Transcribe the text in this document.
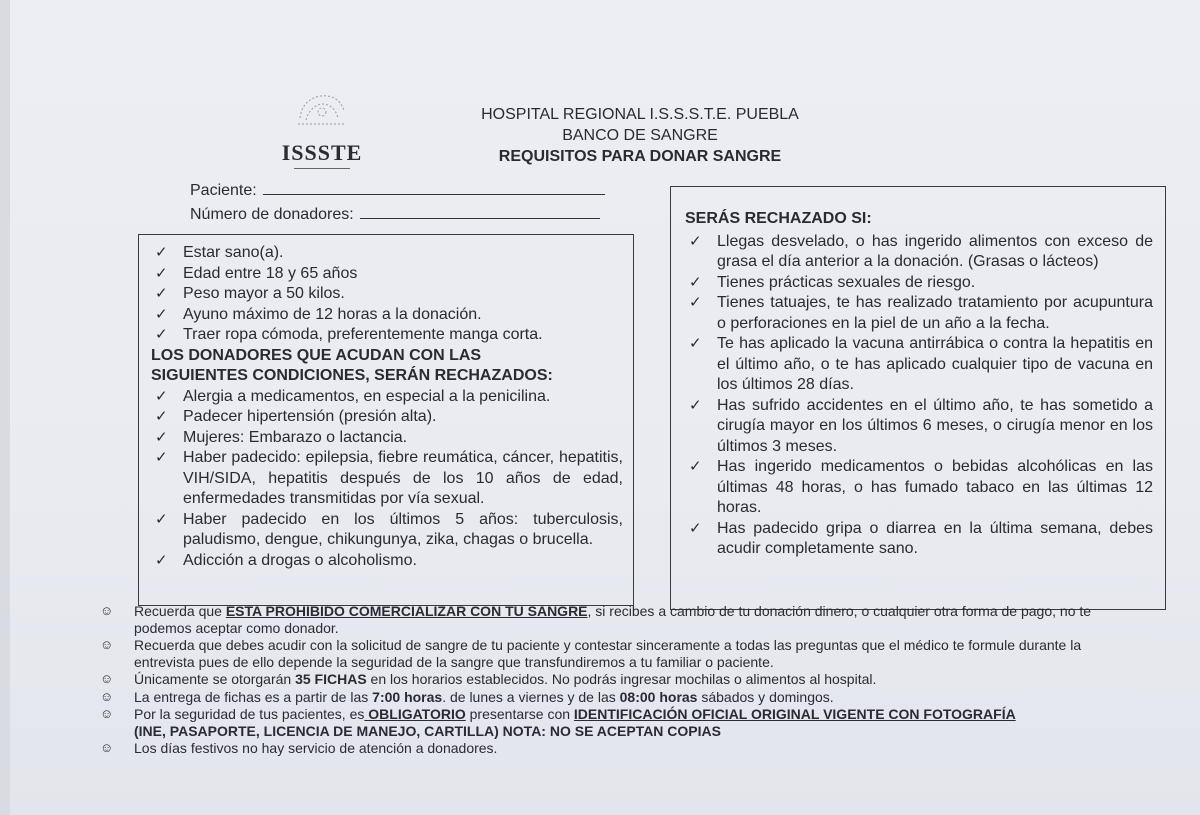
ISSSTE
HOSPITAL REGIONAL I.S.S.S.T.E. PUEBLA
BANCO DE SANGRE
REQUISITOS PARA DONAR SANGRE
Paciente:
Número de donadores:
✓ Estar sano(a).
✓ Edad entre 18 y 65 años
✓ Peso mayor a 50 kilos.
✓ Ayuno máximo de 12 horas a la donación.
✓ Traer ropa cómoda, preferentemente manga corta.
LOS DONADORES QUE ACUDAN CON LAS
SIGUIENTES CONDICIONES, SERÁN RECHAZADOS:
✓ Alergia a medicamentos, en especial a la penicilina.
✓ Padecer hipertensión (presión alta).
✓ Mujeres: Embarazo o lactancia.
✓ Haber padecido: epilepsia, fiebre reumática, cáncer, hepatitis, VIH/SIDA, hepatitis después de los 10 años de edad, enfermedades transmitidas por vía sexual.
✓ Haber padecido en los últimos 5 años: tuberculosis, paludismo, dengue, chikungunya, zika, chagas o brucella.
✓ Adicción a drogas o alcoholismo.
SERÁS RECHAZADO SI:
✓ Llegas desvelado, o has ingerido alimentos con exceso de grasa el día anterior a la donación. (Grasas o lácteos)
✓ Tienes prácticas sexuales de riesgo.
✓ Tienes tatuajes, te has realizado tratamiento por acupuntura o perforaciones en la piel de un año a la fecha.
✓ Te has aplicado la vacuna antirrábica o contra la hepatitis en el último año, o te has aplicado cualquier tipo de vacuna en los últimos 28 días.
✓ Has sufrido accidentes en el último año, te has sometido a cirugía mayor en los últimos 6 meses, o cirugía menor en los últimos 3 meses.
✓ Has ingerido medicamentos o bebidas alcohólicas en las últimas 48 horas, o has fumado tabaco en las últimas 12 horas.
✓ Has padecido gripa o diarrea en la última semana, debes acudir completamente sano.
☺ Recuerda que ESTA PROHIBIDO COMERCIALIZAR CON TU SANGRE, si recibes a cambio de tu donación dinero, o cualquier otra forma de pago, no te podemos aceptar como donador.
☺ Recuerda que debes acudir con la solicitud de sangre de tu paciente y contestar sinceramente a todas las preguntas que el médico te formule durante la entrevista pues de ello depende la seguridad de la sangre que transfundiremos a tu familiar o paciente.
☺ Únicamente se otorgarán 35 FICHAS en los horarios establecidos. No podrás ingresar mochilas o alimentos al hospital.
☺ La entrega de fichas es a partir de las 7:00 horas. de lunes a viernes y de las 08:00 horas sábados y domingos.
☺ Por la seguridad de tus pacientes, es OBLIGATORIO presentarse con IDENTIFICACIÓN OFICIAL ORIGINAL VIGENTE CON FOTOGRAFÍA
(INE, PASAPORTE, LICENCIA DE MANEJO, CARTILLA) NOTA: NO SE ACEPTAN COPIAS
☺ Los días festivos no hay servicio de atención a donadores.
